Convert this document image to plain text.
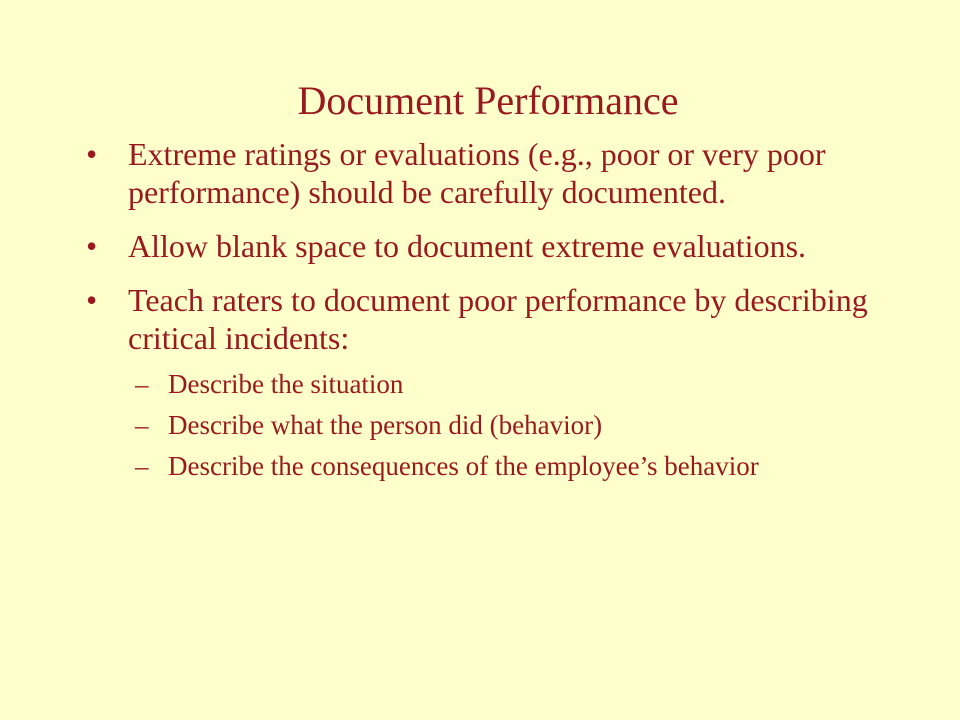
Document Performance
• Extreme ratings or evaluations (e.g., poor or very poor performance) should be carefully documented.
• Allow blank space to document extreme evaluations.
• Teach raters to document poor performance by describing critical incidents:
– Describe the situation
– Describe what the person did (behavior)
– Describe the consequences of the employee’s behavior
